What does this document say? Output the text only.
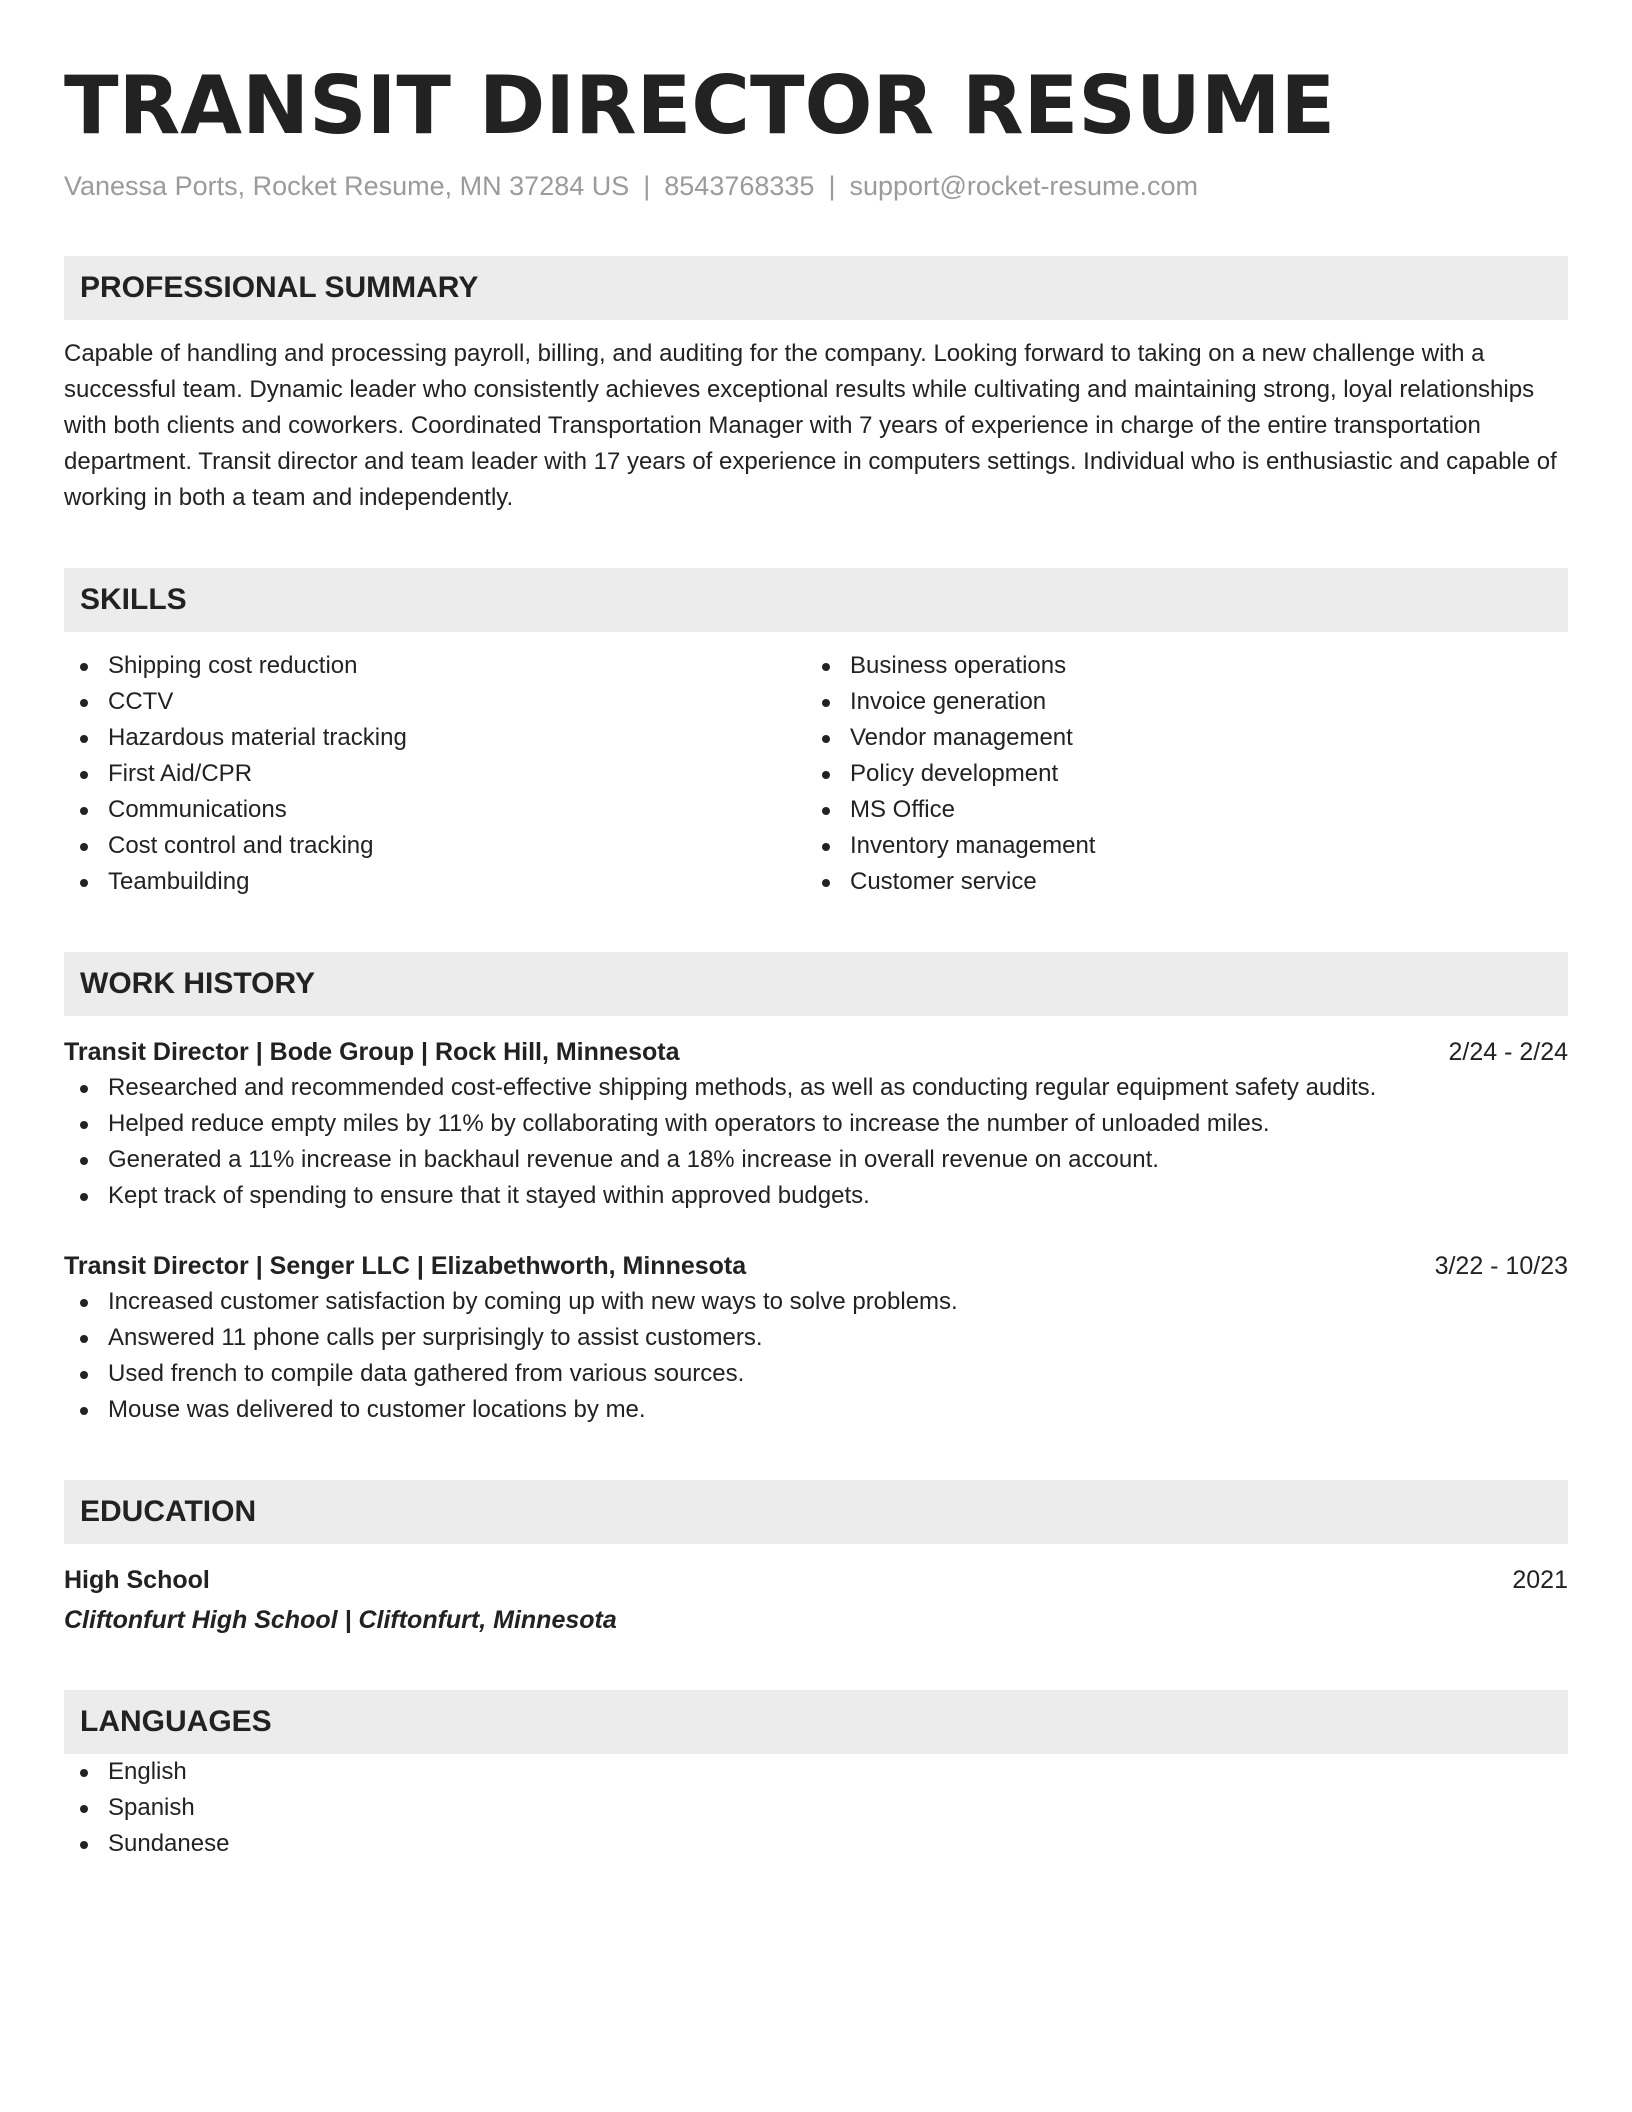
TRANSIT DIRECTOR RESUME
Vanessa Ports, Rocket Resume, MN 37284 US | 8543768335 | support@rocket-resume.com
PROFESSIONAL SUMMARY
Capable of handling and processing payroll, billing, and auditing for the company. Looking forward to taking on a new challenge with a successful team. Dynamic leader who consistently achieves exceptional results while cultivating and maintaining strong, loyal relationships with both clients and coworkers. Coordinated Transportation Manager with 7 years of experience in charge of the entire transportation department. Transit director and team leader with 17 years of experience in computers settings. Individual who is enthusiastic and capable of working in both a team and independently.
SKILLS
Shipping cost reduction
CCTV
Hazardous material tracking
First Aid/CPR
Communications
Cost control and tracking
Teambuilding
Business operations
Invoice generation
Vendor management
Policy development
MS Office
Inventory management
Customer service
WORK HISTORY
Transit Director | Bode Group | Rock Hill, Minnesota	2/24 - 2/24
Researched and recommended cost-effective shipping methods, as well as conducting regular equipment safety audits.
Helped reduce empty miles by 11% by collaborating with operators to increase the number of unloaded miles.
Generated a 11% increase in backhaul revenue and a 18% increase in overall revenue on account.
Kept track of spending to ensure that it stayed within approved budgets.
Transit Director | Senger LLC | Elizabethworth, Minnesota	3/22 - 10/23
Increased customer satisfaction by coming up with new ways to solve problems.
Answered 11 phone calls per surprisingly to assist customers.
Used french to compile data gathered from various sources.
Mouse was delivered to customer locations by me.
EDUCATION
High School	2021
Cliftonfurt High School | Cliftonfurt, Minnesota
LANGUAGES
English
Spanish
Sundanese
